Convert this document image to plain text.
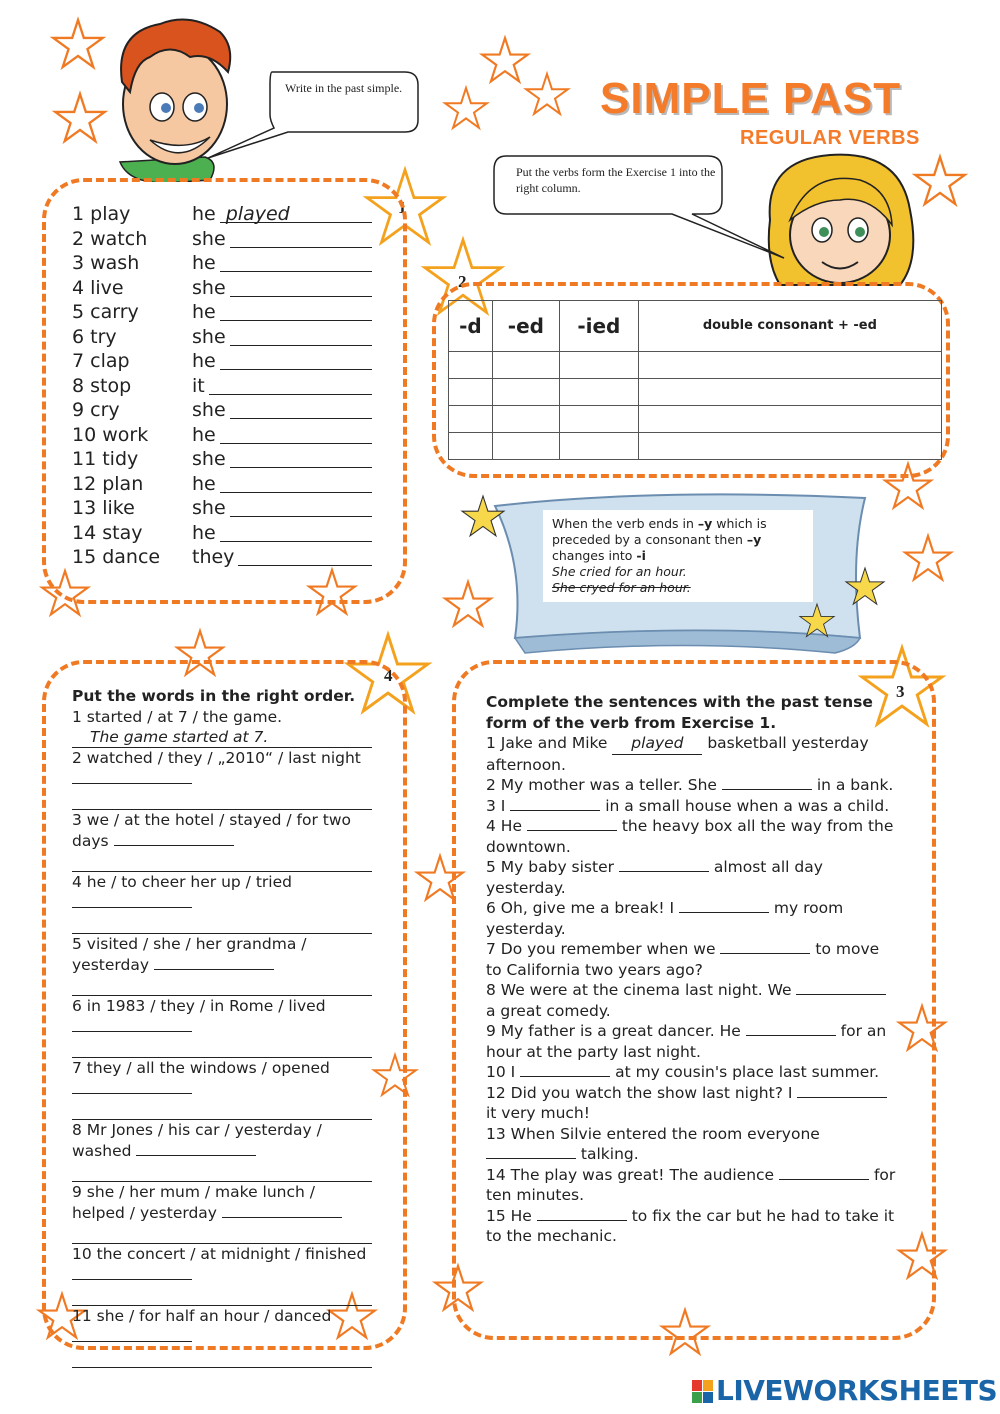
SIMPLE PAST
REGULAR VERBS
Write in the past simple.
Put the verbs form the Exercise 1 into the right column.
1
2
4
3
1 play	he played
2 watch	she
3 wash	he
4 live	she
5 carry	he
6 try	she
7 clap	he
8 stop	it
9 cry	she
10 work	he
11 tidy	she
12 plan	he
13 like	she
14 stay	he
15 dance	they
-d	-ed	-ied	double consonant + -ed

When the verb ends in –y which is preceded by a consonant then –y changes into -i
She cried for an hour.
She cryed for an hour.
Put the words in the right order.
1 started / at 7 / the game.
The game started at 7.
2 watched / they / „2010“ / last night
3 we / at the hotel / stayed / for two days
4 he / to cheer her up / tried
5 visited / she / her grandma / yesterday
6 in 1983 / they / in Rome / lived
7 they / all the windows / opened
8 Mr Jones / his car / yesterday / washed
9 she / her mum / make lunch / helped / yesterday
10 the concert / at midnight / finished
11 she / for half an hour / danced
Complete the sentences with the past tense form of the verb from Exercise 1.
1 Jake and Mike played basketball yesterday afternoon.
2 My mother was a teller. She	in a bank.
3 I	in a small house when a was a child.
4 He	the heavy box all the way from the downtown.
5 My baby sister	almost all day yesterday.
6 Oh, give me a break! I	my room yesterday.
7 Do you remember when we	to move to California two years ago?
8 We were at the cinema last night. We  a great comedy.
9 My father is a great dancer. He	for an hour at the party last night.
10 I	at my cousin's place last summer.
12 Did you watch the show last night? I  it very much!
13 When Silvie entered the room everyone  talking.
14 The play was great! The audience	for ten minutes.
15 He	to fix the car but he had to take it to the mechanic.
LIVEWORKSHEETS
